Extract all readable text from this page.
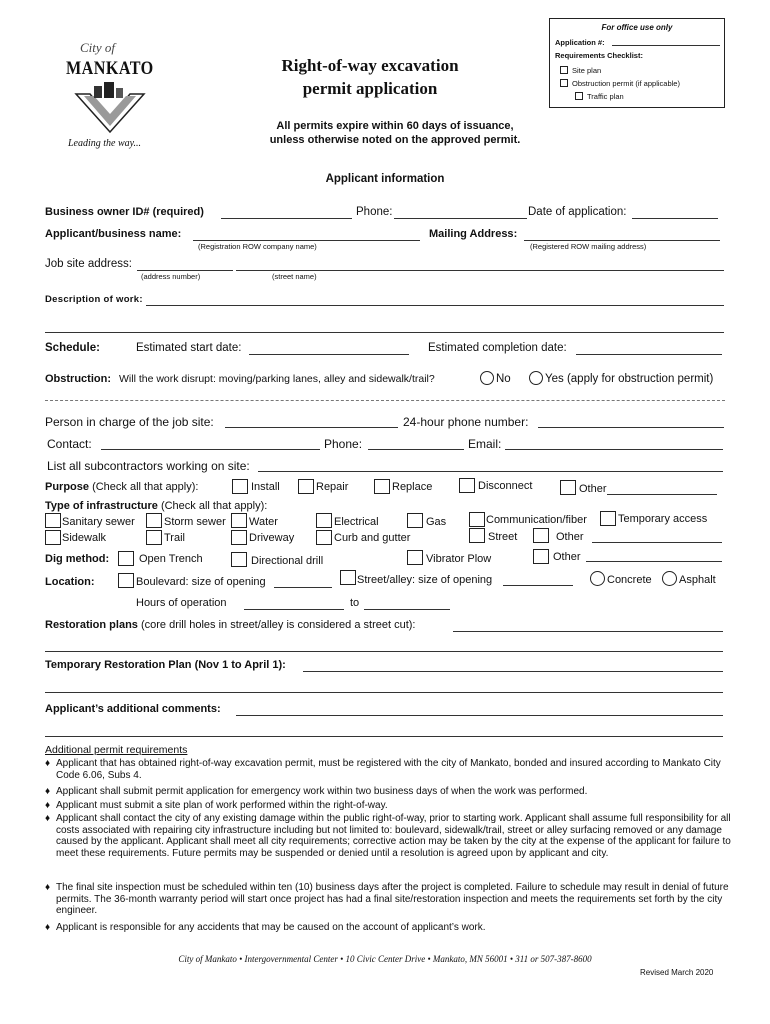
City of
MANKATO
Leading the way...
Right-of-way excavation
permit application
All permits expire within 60 days of issuance,
unless otherwise noted on the approved permit.
For office use only
Application #:
Requirements Checklist:
Site plan
Obstruction permit (if applicable)
Traffic plan
Applicant information
Business owner ID# (required)	Phone:	Date of application:
Applicant/business name:
(Registration ROW company name)
Mailing Address:
(Registered ROW mailing address)
Job site address:
(address number)	(street name)
Description of work:
Schedule:	Estimated start date:	Estimated completion date:
Obstruction: Will the work disrupt: moving/parking lanes, alley and sidewalk/trail?	No	Yes (apply for obstruction permit)
Person in charge of the job site:	24-hour phone number:
Contact:	Phone:	Email:
List all subcontractors working on site:
Purpose (Check all that apply):	Install	Repair	Replace	Disconnect	Other
Type of infrastructure (Check all that apply):
Sanitary sewer	Storm sewer Water	Electrical	Gas	Communication/fiber	Temporary access
Sidewalk	Trail	Driveway	Curb and gutter	Street	Other
Dig method:	Open Trench	Directional drill	Vibrator Plow	Other
Location:	Boulevard: size of opening	Street/alley: size of opening	Concrete Asphalt
Hours of operation	to
Restoration plans (core drill holes in street/alley is considered a street cut):
Temporary Restoration Plan (Nov 1 to April 1):
Applicant’s additional comments:
Additional permit requirements
♦ Applicant that has obtained right-of-way excavation permit, must be registered with the city of Mankato, bonded and insured according to Mankato City Code 6.06, Subs 4.

♦ Applicant shall submit permit application for emergency work within two business days of when the work was performed.

♦ Applicant must submit a site plan of work performed within the right-of-way.

♦ Applicant shall contact the city of any existing damage within the public right-of-way, prior to starting work. Applicant shall assume full responsibility for all costs associated with repairing city infrastructure including but not limited to: boulevard, sidewalk/trail, street or alley surfacing removed or any damage caused by the applicant. Applicant shall meet all city requirements; corrective action may be taken by the city at the expense of the applicant for failure to meet these requirements. Future permits may be suspended or denied until a resolution is agreed upon by applicant and city.

♦ The final site inspection must be scheduled within ten (10) business days after the project is completed. Failure to schedule may result in denial of future permits. The 36-month warranty period will start once project has had a final site/restoration inspection and meets the requirements set forth by the city engineer.

♦ Applicant is responsible for any accidents that may be caused on the account of applicant’s work.

City of Mankato • Intergovernmental Center • 10 Civic Center Drive • Mankato, MN 56001 • 311 or 507-387-8600
Revised March 2020
